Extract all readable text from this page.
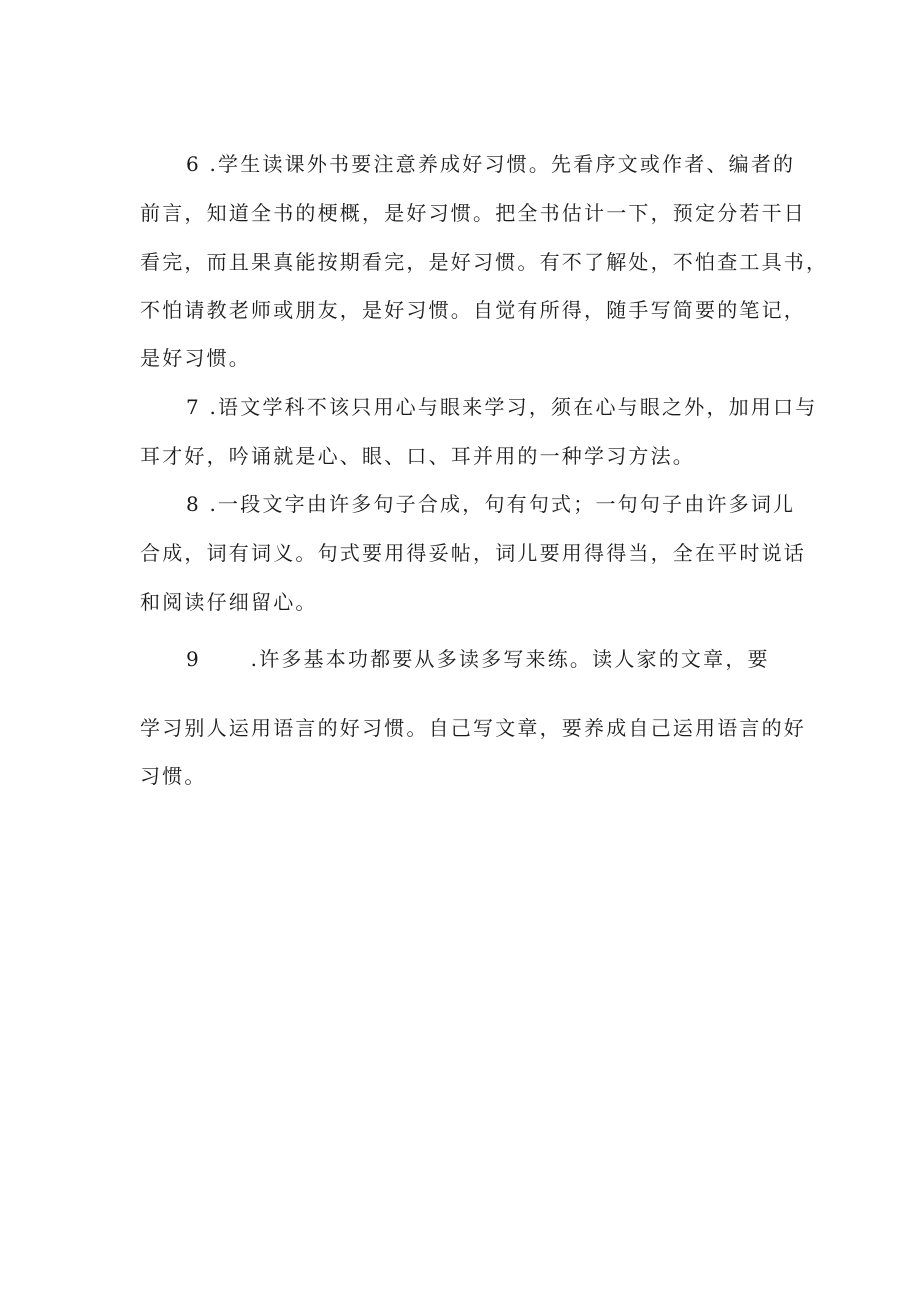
6 .学生读课外书要注意养成好习惯。先看序文或作者、编者的
前言，知道全书的梗概，是好习惯。把全书估计一下，预定分若干日
看完，而且果真能按期看完，是好习惯。有不了解处，不怕查工具书，
不怕请教老师或朋友，是好习惯。自觉有所得，随手写简要的笔记，
是好习惯。
7 .语文学科不该只用心与眼来学习，须在心与眼之外，加用口与
耳才好，吟诵就是心、眼、口、耳并用的一种学习方法。
8 .一段文字由许多句子合成，句有句式；一句句子由许多词儿
合成，词有词义。句式要用得妥帖，词儿要用得得当，全在平时说话
和阅读仔细留心。
9 .许多基本功都要从多读多写来练。读人家的文章，要
学习别人运用语言的好习惯。自己写文章，要养成自己运用语言的好
习惯。
